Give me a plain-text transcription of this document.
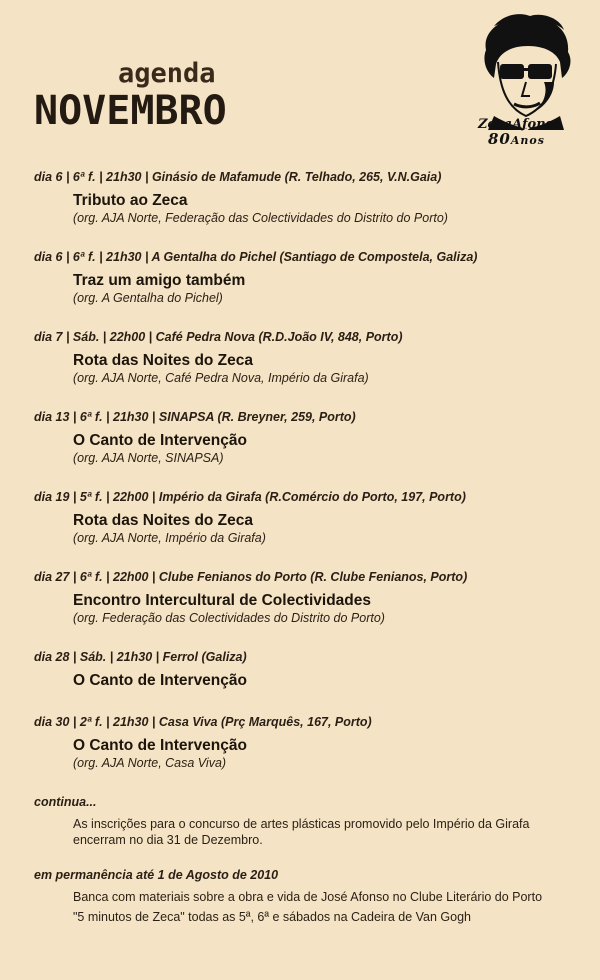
agenda
NOVEMBRO	ZecaAfonso
80Anos
dia 6 | 6ª f. | 21h30 | Ginásio de Mafamude (R. Telhado, 265, V.N.Gaia)
Tributo ao Zeca
(org. AJA Norte, Federação das Colectividades do Distrito do Porto)
dia 6 | 6ª f. | 21h30 | A Gentalha do Pichel (Santiago de Compostela, Galiza)
Traz um amigo também
(org. A Gentalha do Pichel)
dia 7 | Sáb. | 22h00 | Café Pedra Nova (R.D.João IV, 848, Porto)
Rota das Noites do Zeca
(org. AJA Norte, Café Pedra Nova, Império da Girafa)
dia 13 | 6ª f. | 21h30 | SINAPSA (R. Breyner, 259, Porto)
O Canto de Intervenção
(org. AJA Norte, SINAPSA)
dia 19 | 5ª f. | 22h00 | Império da Girafa (R.Comércio do Porto, 197, Porto)
Rota das Noites do Zeca
(org. AJA Norte, Império da Girafa)
dia 27 | 6ª f. | 22h00 | Clube Fenianos do Porto (R. Clube Fenianos, Porto)
Encontro Intercultural de Colectividades
(org. Federação das Colectividades do Distrito do Porto)
dia 28 | Sáb. | 21h30 | Ferrol (Galiza)
O Canto de Intervenção
dia 30 | 2ª f. | 21h30 | Casa Viva (Prç Marquês, 167, Porto)
O Canto de Intervenção
(org. AJA Norte, Casa Viva)
continua...
As inscrições para o concurso de artes plásticas promovido pelo Império da Girafa encerram no dia 31 de Dezembro.
em permanência até 1 de Agosto de 2010
Banca com materiais sobre a obra e vida de José Afonso no Clube Literário do Porto
"5 minutos de Zeca" todas as 5ª, 6ª e sábados na Cadeira de Van Gogh
